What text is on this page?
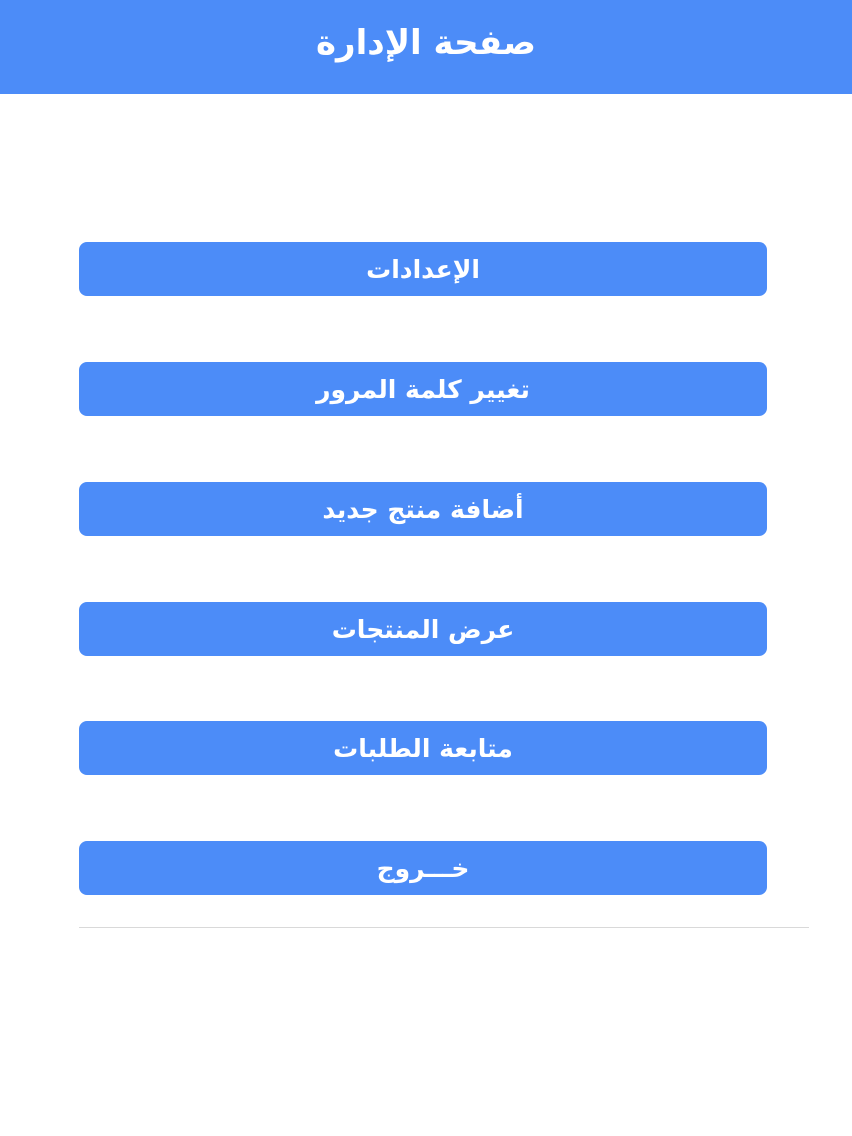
صفحة الإدارة
الإعدادات
تغيير كلمة المرور
أضافة منتج جديد
عرض المنتجات
متابعة الطلبات
خـــروج
